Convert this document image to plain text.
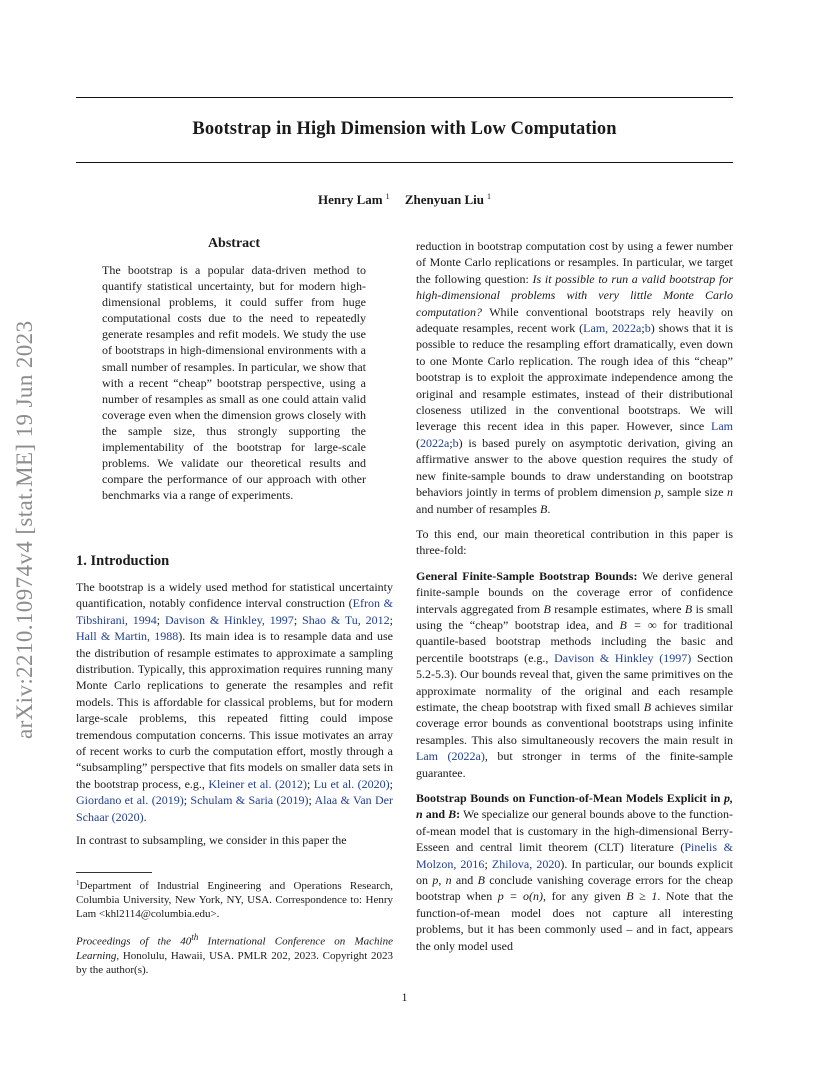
arXiv:2210.10974v4 [stat.ME] 19 Jun 2023
Bootstrap in High Dimension with Low Computation
Henry Lam $^1$ Zhenyuan Liu $^1$
Abstract
The bootstrap is a popular data-driven method to quantify statistical uncertainty, but for modern high-dimensional problems, it could suffer from huge computational costs due to the need to repeatedly generate resamples and refit models. We study the use of bootstraps in high-dimensional environments with a small number of resamples. In particular, we show that with a recent “cheap” bootstrap perspective, using a number of resamples as small as one could attain valid coverage even when the dimension grows closely with the sample size, thus strongly supporting the implementability of the bootstrap for large-scale problems. We validate our theoretical results and compare the performance of our approach with other benchmarks via a range of experiments.
1. Introduction

The bootstrap is a widely used method for statistical uncertainty quantification, notably confidence interval construction (Efron & Tibshirani, 1994; Davison & Hinkley, 1997; Shao & Tu, 2012; Hall & Martin, 1988). Its main idea is to resample data and use the distribution of resample estimates to approximate a sampling distribution. Typically, this approximation requires running many Monte Carlo replications to generate the resamples and refit models. This is affordable for classical problems, but for modern large-scale problems, this repeated fitting could impose tremendous computation concerns. This issue motivates an array of recent works to curb the computation effort, mostly through a “subsampling” perspective that fits models on smaller data sets in the bootstrap process, e.g., Kleiner et al. (2012); Lu et al. (2020); Giordano et al. (2019); Schulam & Saria (2019); Alaa & Van Der Schaar (2020).

In contrast to subsampling, we consider in this paper the

$^1$Department of Industrial Engineering and Operations Research, Columbia University, New York, NY, USA. Correspondence to: Henry Lam <khl2114@columbia.edu>.
Proceedings of the 40th International Conference on Machine Learning, Honolulu, Hawaii, USA. PMLR 202, 2023. Copyright 2023 by the author(s).

reduction in bootstrap computation cost by using a fewer number of Monte Carlo replications or resamples. In particular, we target the following question: Is it possible to run a valid bootstrap for high-dimensional problems with very little Monte Carlo computation? While conventional bootstraps rely heavily on adequate resamples, recent work (Lam, 2022a;b) shows that it is possible to reduce the resampling effort dramatically, even down to one Monte Carlo replication. The rough idea of this “cheap” bootstrap is to exploit the approximate independence among the original and resample estimates, instead of their distributional closeness utilized in the conventional bootstraps. We will leverage this recent idea in this paper. However, since Lam (2022a;b) is based purely on asymptotic derivation, giving an affirmative answer to the above question requires the study of new finite-sample bounds to draw understanding on bootstrap behaviors jointly in terms of problem dimension p, sample size n and number of resamples B.

To this end, our main theoretical contribution in this paper is three-fold:

General Finite-Sample Bootstrap Bounds: We derive general finite-sample bounds on the coverage error of confidence intervals aggregated from B resample estimates, where B is small using the “cheap” bootstrap idea, and B = ∞ for traditional quantile-based bootstrap methods including the basic and percentile bootstraps (e.g., Davison & Hinkley (1997) Section 5.2-5.3). Our bounds reveal that, given the same primitives on the approximate normality of the original and each resample estimate, the cheap bootstrap with fixed small B achieves similar coverage error bounds as conventional bootstraps using infinite resamples. This also simultaneously recovers the main result in Lam (2022a), but stronger in terms of the finite-sample guarantee.

Bootstrap Bounds on Function-of-Mean Models Explicit in p, n and B: We specialize our general bounds above to the function-of-mean model that is customary in the high-dimensional Berry-Esseen and central limit theorem (CLT) literature (Pinelis & Molzon, 2016; Zhilova, 2020). In particular, our bounds explicit on p, n and B conclude vanishing coverage errors for the cheap bootstrap when p = o(n), for any given B ≥ 1. Note that the function-of-mean model does not capture all interesting problems, but it has been commonly used – and in fact, appears the only model used

1
